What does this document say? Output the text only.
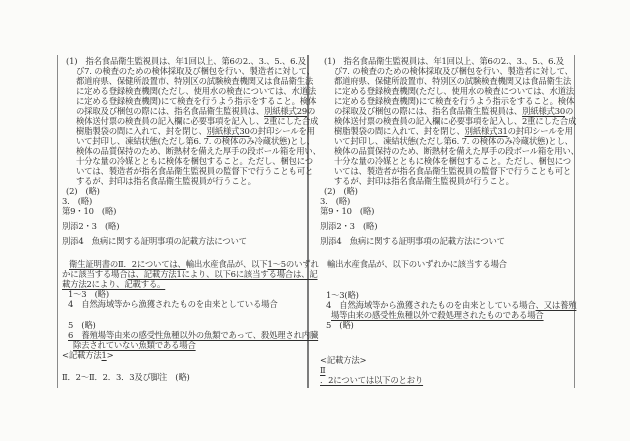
(1)　指名食品衛生監視員は、年1回以上、第6の2.、3.、5.、6.及
び7. の検査のための検体採取及び梱包を行い、製造者に対して、
都道府県、保健所設置市、特別区の試験検査機関又は食品衛生法
に定める登録検査機関(ただし、使用水の検査については、水道法
に定める登録検査機関)にて検査を行うよう指示をすること。検体
の採取及び梱包の際には、指名食品衛生監視員は、別紙様式29の
検体送付票の検査員の記入欄に必要事項を記入し、2重にした合成
樹脂製袋の間に入れて、封を閉じ、別紙様式30の封印シールを用
いて封印し、凍結状態(ただし第6. 7. の検体のみ冷蔵状態)とし、
検体の品質保持のため、断熱材を備えた厚手の段ボール箱を用い、
十分な量の冷媒とともに検体を梱包すること。ただし、梱包につ
いては、製造者が指名食品衛生監視員の監督下で行うことも可と
するが、封印は指名食品衛生監視員が行うこと。
(2)　(略)
3.　(略)
第9・10　(略)
別添2・3　(略)
別添4　魚病に関する証明事項の記載方法について
衛生証明書のⅡ．2については、輸出水産食品が、以下1～5のいずれ
かに該当する場合は、記載方法1により、以下6に該当する場合は、記
載方法2により、記載する。
1～3　(略)
4　自然海域等から漁獲されたものを由来としている場合
5　(略)
6　養殖場等由来の感受性魚種以外の魚類であって、殺処理され内臓
除去されていない魚類である場合
<記載方法1>
Ⅱ．2～Ⅱ．2．3．3及び脚注　(略)
(1)　指名食品衛生監視員は、年1回以上、第6の2.、3.、5.、6.及
び7. の検査のための検体採取及び梱包を行い、製造者に対して、
都道府県、保健所設置市、特別区の試験検査機関又は食品衛生法
に定める登録検査機関(ただし、使用水の検査については、水道法
に定める登録検査機関)にて検査を行うよう指示をすること。検体
の採取及び梱包の際には、指名食品衛生監視員は、別紙様式30の
検体送付票の検査員の記入欄に必要事項を記入し、2重にした合成
樹脂製袋の間に入れて、封を閉じ、別紙様式31の封印シールを用
いて封印し、凍結状態(ただし第6. 7. の検体のみ冷蔵状態)とし、
検体の品質保持のため、断熱材を備えた厚手の段ボール箱を用い、
十分な量の冷媒とともに検体を梱包すること。ただし、梱包につ
いては、製造者が指名食品衛生監視員の監督下で行うことも可と
するが、封印は指名食品衛生監視員が行うこと。
(2)　(略)
3.　(略)
第9・10　(略)
別添2・3　(略)
別添4　魚病に関する証明事項の記載方法について
輸出水産食品が、以下のいずれかに該当する場合
1～3(略)
4　自然海域等から漁獲されたものを由来としている場合、又は養殖
場等由来の感受性魚種以外で殺処理されたものである場合
5　(略)
<記載方法>
Ⅱ
．2については以下のとおり
